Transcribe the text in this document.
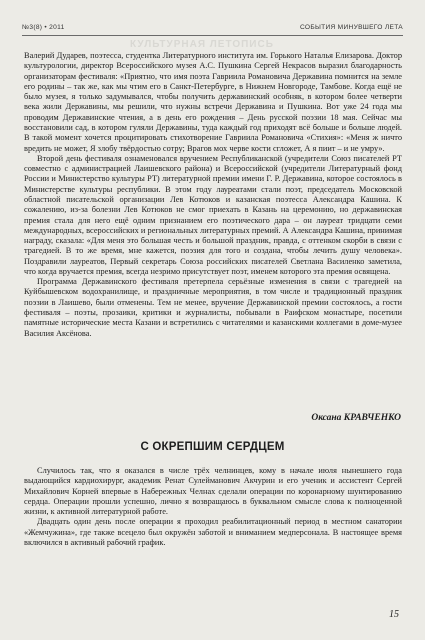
№3(8) • 2011	СОБЫТИЯ МИНУВШЕГО ЛЕТА
КУЛЬТУРНАЯ ЛЕТОПИСЬ

Валерий Дударев, поэтесса, студентка Литературного института им. Горького Наталья Елизарова. Доктор культурологии, директор Всероссийского музея А.С. Пушкина Сергей Некрасов выразил благодарность организаторам фестиваля: «Приятно, что имя поэта Гавриила Романовича Державина помнится на земле его родины – так же, как мы чтим его в Санкт-Петербурге, в Нижнем Новгороде, Тамбове. Когда ещё не было музея, я только задумывался, чтобы получить державинский особняк, в котором более четверти века жили Державины, мы решили, что нужны встречи Державина и Пушкина. Вот уже 24 года мы проводим Державинские чтения, а в день его рождения – День русской поэзии 18 мая. Сейчас мы восстановили сад, в котором гуляли Державины, туда каждый год приходят всё больше и больше людей. В такой момент хочется процитировать стихотворение Гавриила Романовича «Стихия»: «Меня ж ничто вредить не может, Я злобу твёрдостью сотру; Врагов мох черве кости сгложет, А я пиит – и не умру».

Второй день фестиваля ознаменовался вручением Республиканской (учредители Союз писателей РТ совместно с администрацией Лаишевского района) и Всероссийской (учредители Литературный фонд России и Министерство культуры РТ) литературной премии имени Г. Р. Державина, которое состоялось в Министерстве культуры республики. В этом году лауреатами стали поэт, председатель Московской областной писательской организации Лев Котюков и казанская поэтесса Александра Кашина. К сожалению, из-за болезни Лев Котюков не смог приехать в Казань на церемонию, но державинская премия стала для него ещё одним признанием его поэтического дара – он лауреат тридцати семи международных, всероссийских и региональных литературных премий. А Александра Кашина, принимая награду, сказала: «Для меня это большая честь и большой праздник, правда, с оттенком скорби в связи с трагедией. В то же время, мне кажется, поэзия для того и создана, чтобы лечить душу человека». Поздравили лауреатов, Первый секретарь Союза российских писателей Светлана Василенко заметила, что когда вручается премия, всегда незримо присутствует поэт, именем которого эта премия освящена.

Программа Державинского фестиваля претерпела серьёзные изменения в связи с трагедией на Куйбышевском водохранилище, и праздничные мероприятия, в том числе и традиционный праздник поэзии в Лаишево, были отменены. Тем не менее, вручение Державинской премии состоялось, а гости фестиваля – поэты, прозаики, критики и журналисты, побывали в Раифском монастыре, посетили памятные исторические места Казани и встретились с читателями и казанскими коллегами в доме-музее Василия Аксёнова.

Оксана КРАВЧЕНКО
С ОКРЕПШИМ СЕРДЦЕМ

Случилось так, что я оказался в числе трёх челнинцев, кому в начале июля нынешнего года выдающийся кардиохирург, академик Ренат Сулейманович Акчурин и его ученик и ассистент Сергей Михайлович Корней впервые в Набережных Челнах сделали операции по коронарному шунтированию сердца. Операции прошли успешно, лично я возвращаюсь в буквальном смысле слова к полноценной жизни, к активной литературной работе.

Двадцать один день после операции я проходил реабилитационный период в местном санатории «Жемчужина», где также всецело был окружён заботой и вниманием медперсонала. В настоящее время включился в активный рабочий график.

15
